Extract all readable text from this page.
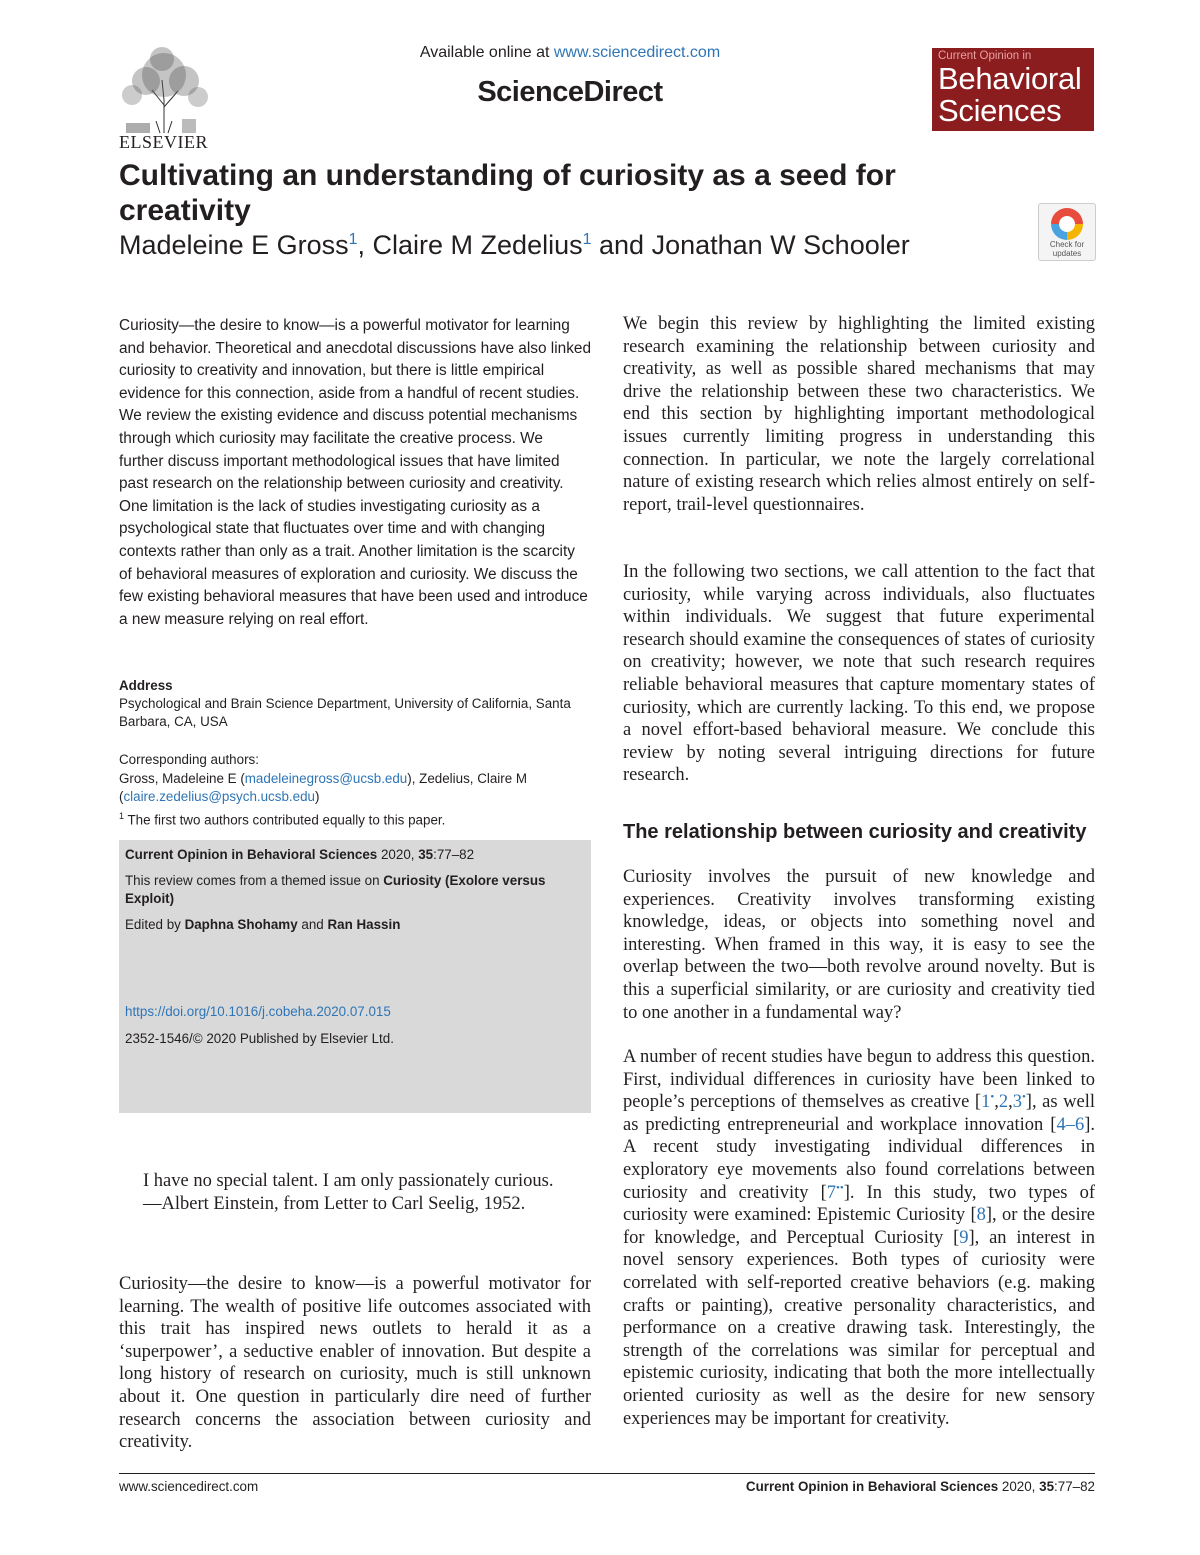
ELSEVIER
Available online at www.sciencedirect.com
ScienceDirect
Current Opinion in
Behavioral
Sciences
Cultivating an understanding of curiosity as a seed for creativity
Madeleine E Gross$^1$, Claire M Zedelius$^1$ and Jonathan W Schooler	Check for
updates
Curiosity—the desire to know—is a powerful motivator for learning and behavior. Theoretical and anecdotal discussions have also linked curiosity to creativity and innovation, but there is little empirical evidence for this connection, aside from a handful of recent studies. We review the existing evidence and discuss potential mechanisms through which curiosity may facilitate the creative process. We further discuss important methodological issues that have limited past research on the relationship between curiosity and creativity. One limitation is the lack of studies investigating curiosity as a psychological state that fluctuates over time and with changing contexts rather than only as a trait. Another limitation is the scarcity of behavioral measures of exploration and curiosity. We discuss the few existing behavioral measures that have been used and introduce a new measure relying on real effort.
Address
Psychological and Brain Science Department, University of California, Santa Barbara, CA, USA
Corresponding authors:
Gross, Madeleine E (madeleinegross@ucsb.edu), Zedelius, Claire M
(claire.zedelius@psych.ucsb.edu)
$^1$ The first two authors contributed equally to this paper.
Current Opinion in Behavioral Sciences 2020, 35:77–82
This review comes from a themed issue on Curiosity (Exolore versus Exploit)
Edited by Daphna Shohamy and Ran Hassin
https://doi.org/10.1016/j.cobeha.2020.07.015
2352-1546/© 2020 Published by Elsevier Ltd.
I have no special talent. I am only passionately curious.
—Albert Einstein, from Letter to Carl Seelig, 1952.
Curiosity—the desire to know—is a powerful motivator for learning. The wealth of positive life outcomes associated with this trait has inspired news outlets to herald it as a ‘superpower’, a seductive enabler of innovation. But despite a long history of research on curiosity, much is still unknown about it. One question in particularly dire need of further research concerns the association between curiosity and creativity.
We begin this review by highlighting the limited existing research examining the relationship between curiosity and creativity, as well as possible shared mechanisms that may drive the relationship between these two characteristics. We end this section by highlighting important methodological issues currently limiting progress in understanding this connection. In particular, we note the largely correlational nature of existing research which relies almost entirely on self-report, trail-level questionnaires.
In the following two sections, we call attention to the fact that curiosity, while varying across individuals, also fluctuates within individuals. We suggest that future experimental research should examine the consequences of states of curiosity on creativity; however, we note that such research requires reliable behavioral measures that capture momentary states of curiosity, which are currently lacking. To this end, we propose a novel effort-based behavioral measure. We conclude this review by noting several intriguing directions for future research.
The relationship between curiosity and creativity
Curiosity involves the pursuit of new knowledge and experiences. Creativity involves transforming existing knowledge, ideas, or objects into something novel and interesting. When framed in this way, it is easy to see the overlap between the two—both revolve around novelty. But is this a superficial similarity, or are curiosity and creativity tied to one another in a fundamental way?
A number of recent studies have begun to address this question. First, individual differences in curiosity have been linked to people’s perceptions of themselves as creative [1•,2,3•], as well as predicting entrepreneurial and workplace innovation [4–6]. A recent study investigating individual differences in exploratory eye movements also found correlations between curiosity and creativity [7••]. In this study, two types of curiosity were examined: Epistemic Curiosity [8], or the desire for knowledge, and Perceptual Curiosity [9], an interest in novel sensory experiences. Both types of curiosity were correlated with self-reported creative behaviors (e.g. making crafts or painting), creative personality characteristics, and performance on a creative drawing task. Interestingly, the strength of the correlations was similar for perceptual and epistemic curiosity, indicating that both the more intellectually oriented curiosity as well as the desire for new sensory experiences may be important for creativity.
www.sciencedirect.com	Current Opinion in Behavioral Sciences 2020, 35:77–82
